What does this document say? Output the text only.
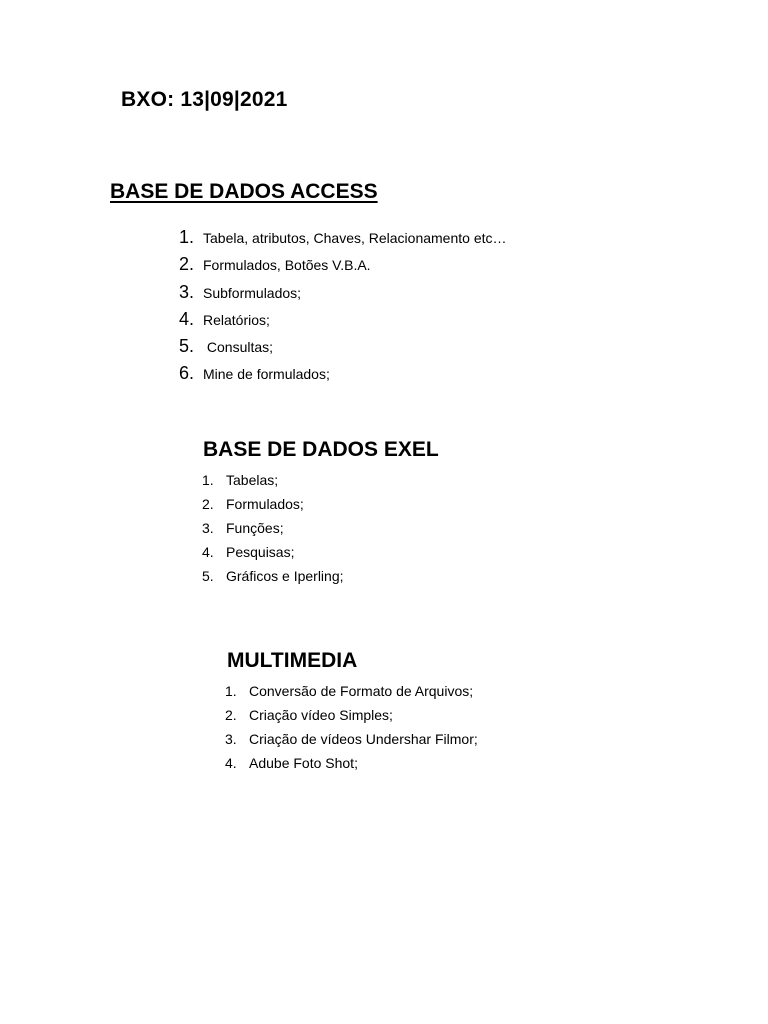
BXO: 13|09|2021
BASE DE DADOS ACCESS
1. Tabela, atributos, Chaves, Relacionamento etc…
2. Formulados, Botões V.B.A.
3. Subformulados;
4. Relatórios;
5. Consultas;
6. Mine de formulados;
BASE DE DADOS EXEL
1. Tabelas;
2. Formulados;
3. Funções;
4. Pesquisas;
5. Gráficos e Iperling;
MULTIMEDIA
1. Conversão de Formato de Arquivos;
2. Criação vídeo Simples;
3. Criação de vídeos Undershar Filmor;
4. Adube Foto Shot;
